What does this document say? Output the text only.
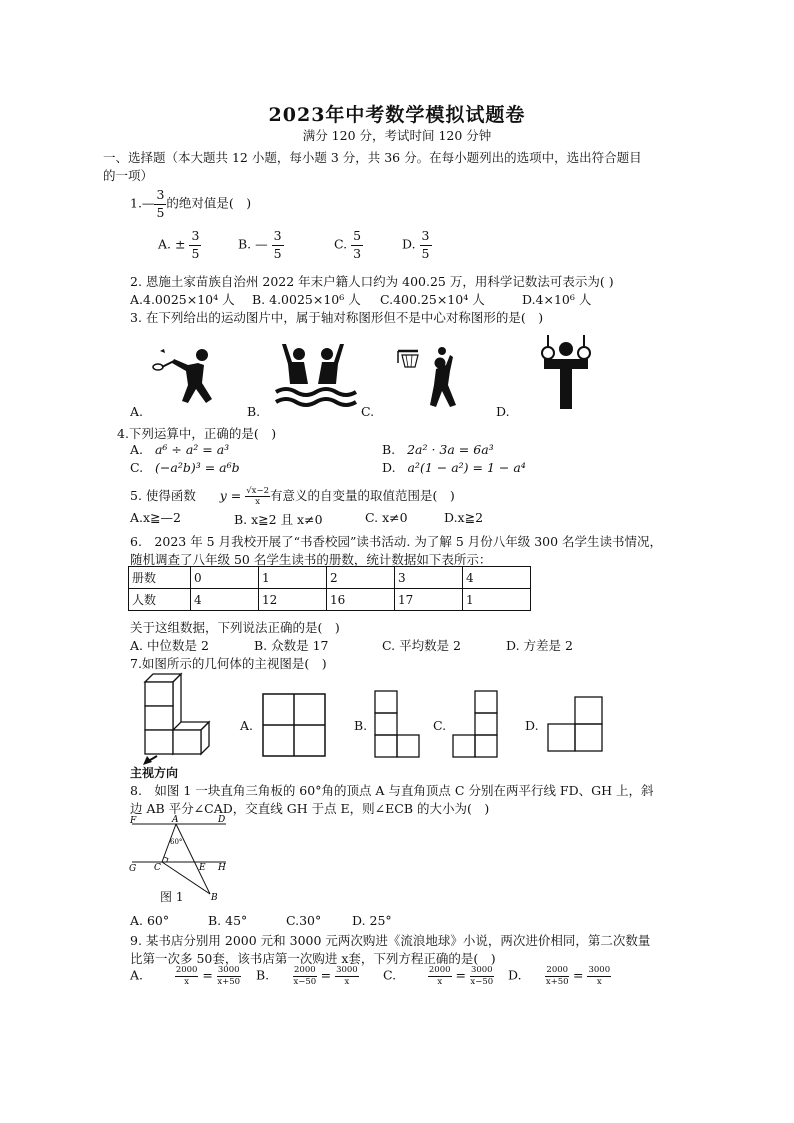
2023年中考数学模拟试题卷
满分 120 分，考试时间 120 分钟
一、选择题（本大题共 12 小题，每小题 3 分，共 36 分。在每小题列出的选项中，选出符合题目
的一项）
1.— $\frac{3}{5}$ 的绝对值是(　)
A. ± $\frac{3}{5}$	B. — $\frac{3}{5}$	C. $\frac{5}{3}$	D. $\frac{3}{5}$
2. 恩施土家苗族自治州 2022 年末户籍人口约为 400.25 万，用科学记数法可表示为( )
A.4.0025×10⁴ 人 B. 4.0025×10⁶ 人 C.400.25×10⁴ 人	D.4×10⁶ 人
3. 在下列给出的运动图片中，属于轴对称图形但不是中心对称图形的是(　)
A.	B.	C.	D.
4.下列运算中，正确的是(　)
A. a⁶ ÷ a² = a³	B. 2a² · 3a = 6a³
C. (−a²b)³ = a⁶b	D. a²(1 − a²) = 1 − a⁴
5. 使得函数 $y = \frac{√x-2}{x}$ 有意义的自变量的取值范围是(　)
A.x≧—2	B. x≧2 且 x≠0	C. x≠0	D.x≧2
6.　2023 年 5 月我校开展了“书香校园”读书活动. 为了解 5 月份八年级 300 名学生读书情况，
随机调查了八年级 50 名学生读书的册数，统计数据如下表所示：
册数	0	1	2	3	4
人数	4	12	16	17	1
关于这组数据，下列说法正确的是(　)
A. 中位数是 2	B. 众数是 17	C. 平均数是 2	D. 方差是 2
7.如图所示的几何体的主视图是(　)
主视方向
A.	B.	C.	D.
8.　如图 1 一块直角三角板的 60°角的顶点 A 与直角顶点 C 分别在两平行线 FD、GH 上，斜
边 AB 平分∠CAD，交直线 GH 于点 E，则∠ECB 的大小为(　)
F	A	D
60°
G C	E H
B
图 1
A. 60°	B. 45°	C.30° D. 25°
9. 某书店分别用 2000 元和 3000 元两次购进《流浪地球》小说，两次进价相同，第二次数量
比第一次多 50套，该书店第一次购进 x套，下列方程正确的是(　)
A.	$\frac{2000}{x} = \frac{3000}{x+50} B$.	$\frac{2000}{x-50} = \frac{3000}{x} C$.	$\frac{2000}{x} = \frac{3000}{x-50} D$.	$\frac{2000}{x+50} = \frac{3000}{x}$
